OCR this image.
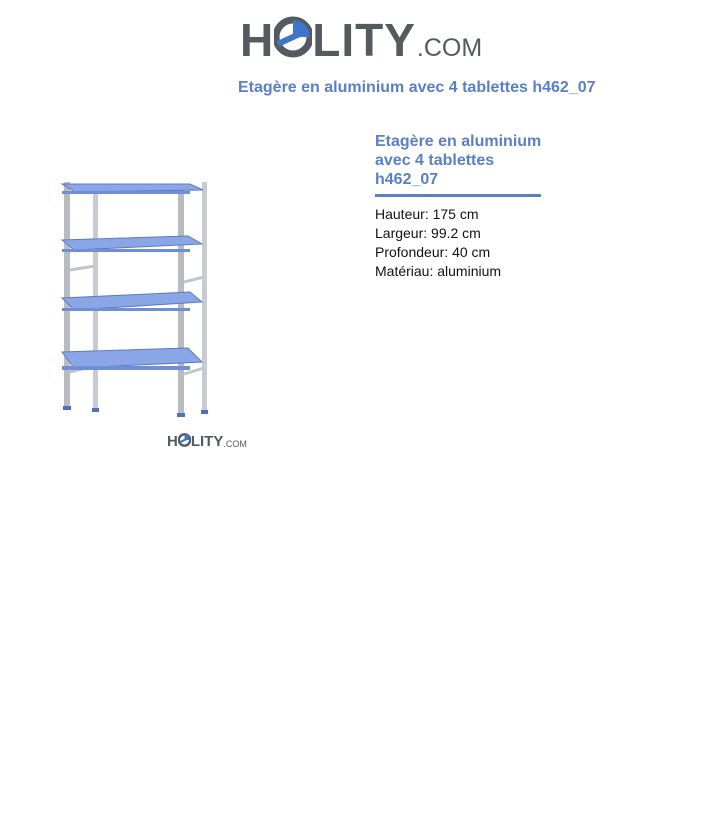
H LITY .COM
Etagère en aluminium avec 4 tablettes h462_07
H LITY .COM
Etagère en aluminium avec 4 tablettes h462_07
Hauteur: 175 cm
Largeur: 99.2 cm
Profondeur: 40 cm
Matériau: aluminium
